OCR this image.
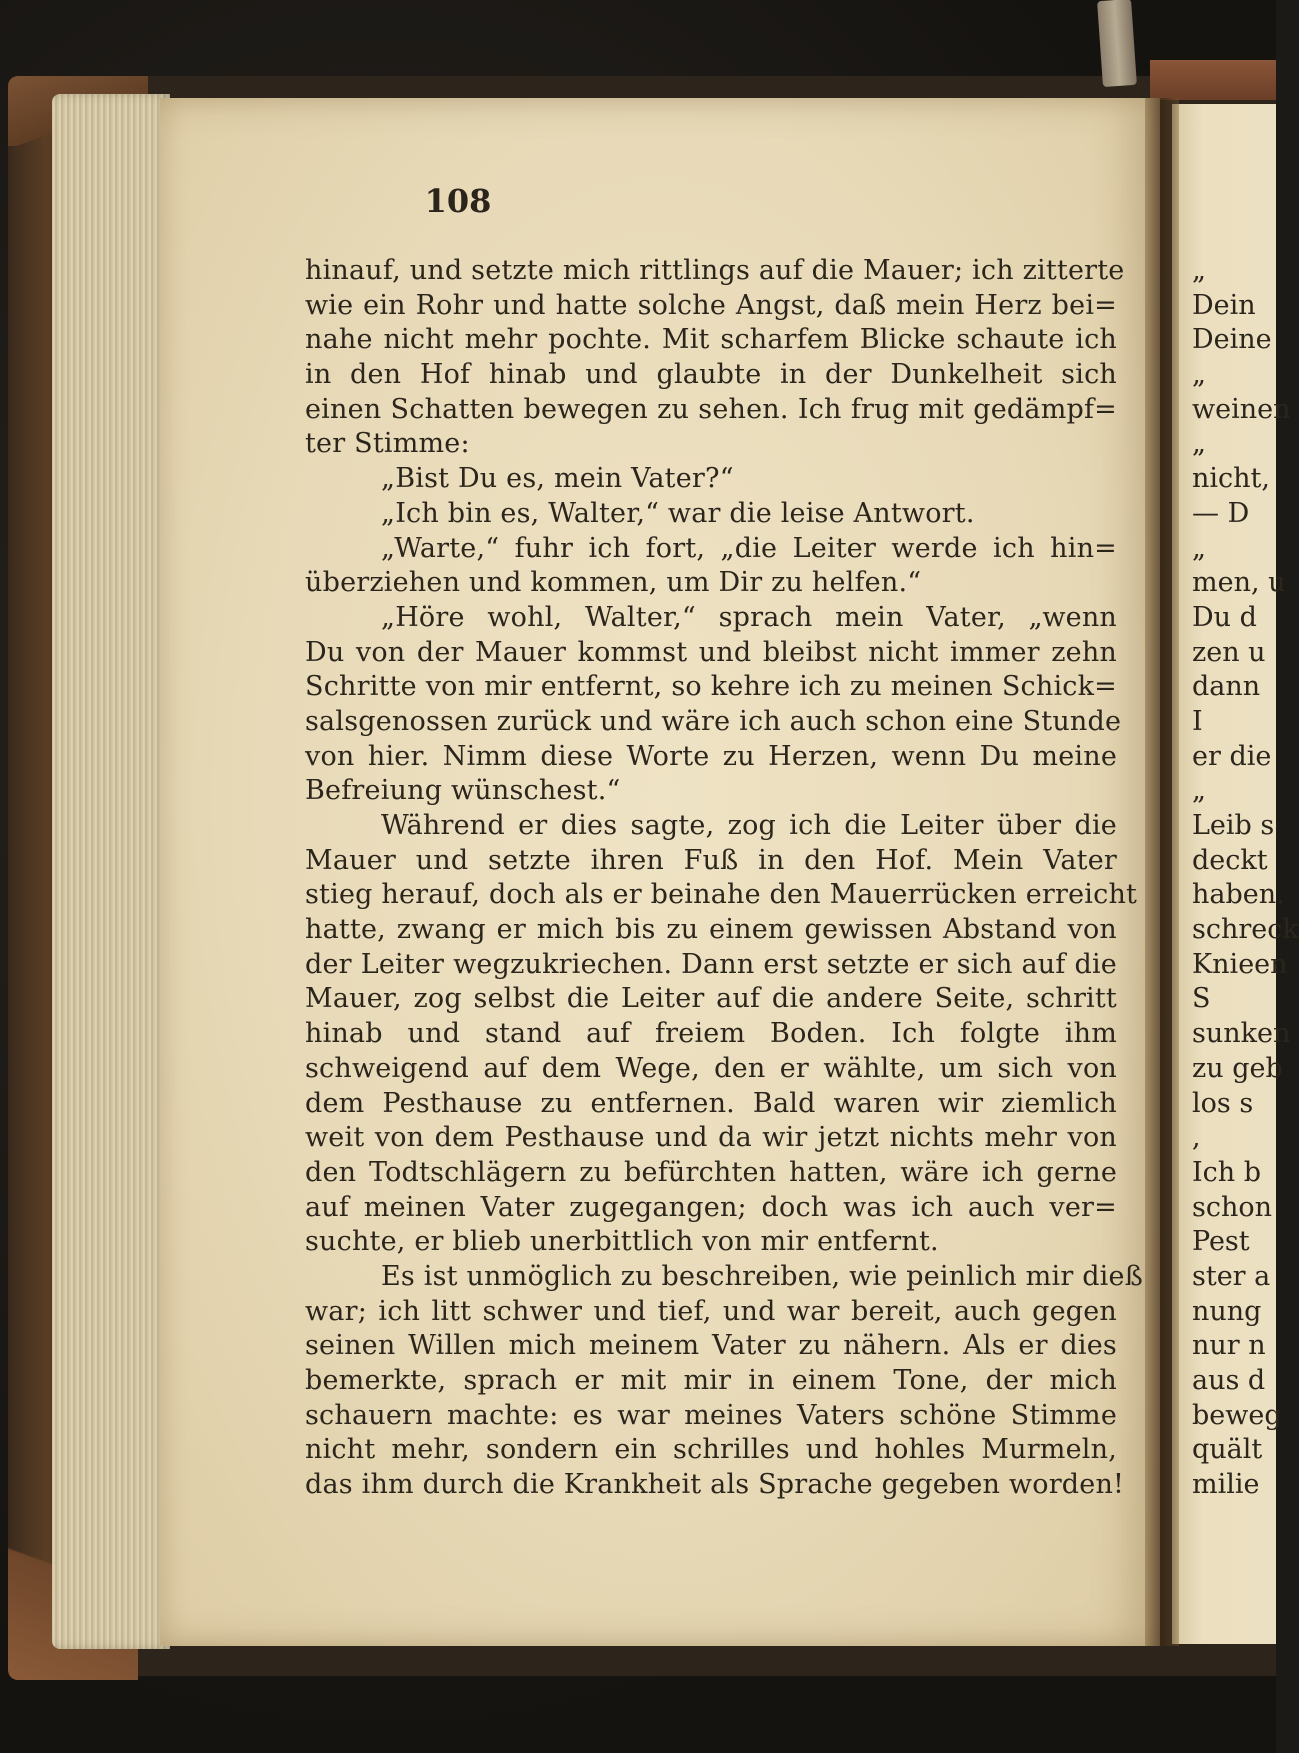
108
hinauf, und setzte mich rittlings auf die Mauer; ich zitterte
wie ein Rohr und hatte solche Angst, daß mein Herz bei=
nahe nicht mehr pochte. Mit scharfem Blicke schaute ich
in den Hof hinab und glaubte in der Dunkelheit sich
einen Schatten bewegen zu sehen. Ich frug mit gedämpf=
ter Stimme:
„Bist Du es, mein Vater?“
„Ich bin es, Walter,“ war die leise Antwort.
„Warte,“ fuhr ich fort, „die Leiter werde ich hin=
überziehen und kommen, um Dir zu helfen.“
„Höre wohl, Walter,“ sprach mein Vater, „wenn
Du von der Mauer kommst und bleibst nicht immer zehn
Schritte von mir entfernt, so kehre ich zu meinen Schick=
salsgenossen zurück und wäre ich auch schon eine Stunde
von hier. Nimm diese Worte zu Herzen, wenn Du meine
Befreiung wünschest.“
Während er dies sagte, zog ich die Leiter über die
Mauer und setzte ihren Fuß in den Hof. Mein Vater
stieg herauf, doch als er beinahe den Mauerrücken erreicht
hatte, zwang er mich bis zu einem gewissen Abstand von
der Leiter wegzukriechen. Dann erst setzte er sich auf die
Mauer, zog selbst die Leiter auf die andere Seite, schritt
hinab und stand auf freiem Boden. Ich folgte ihm
schweigend auf dem Wege, den er wählte, um sich von
dem Pesthause zu entfernen. Bald waren wir ziemlich
weit von dem Pesthause und da wir jetzt nichts mehr von
den Todtschlägern zu befürchten hatten, wäre ich gerne
auf meinen Vater zugegangen; doch was ich auch ver=
suchte, er blieb unerbittlich von mir entfernt.
Es ist unmöglich zu beschreiben, wie peinlich mir dieß
war; ich litt schwer und tief, und war bereit, auch gegen
seinen Willen mich meinem Vater zu nähern. Als er dies
bemerkte, sprach er mit mir in einem Tone, der mich
schauern machte: es war meines Vaters schöne Stimme
nicht mehr, sondern ein schrilles und hohles Murmeln,
das ihm durch die Krankheit als Sprache gegeben worden!
„
Dein
Deine
„
weinen
„
nicht,
— D
„
men, u
Du d
zen u
dann
I
er die
„
Leib s
deckt
haben.
schreck
Knieen
S
sunken
zu geb
los s
,
Ich b
schon
Pest
ster a
nung
nur n
aus d
beweg
quält
milie
